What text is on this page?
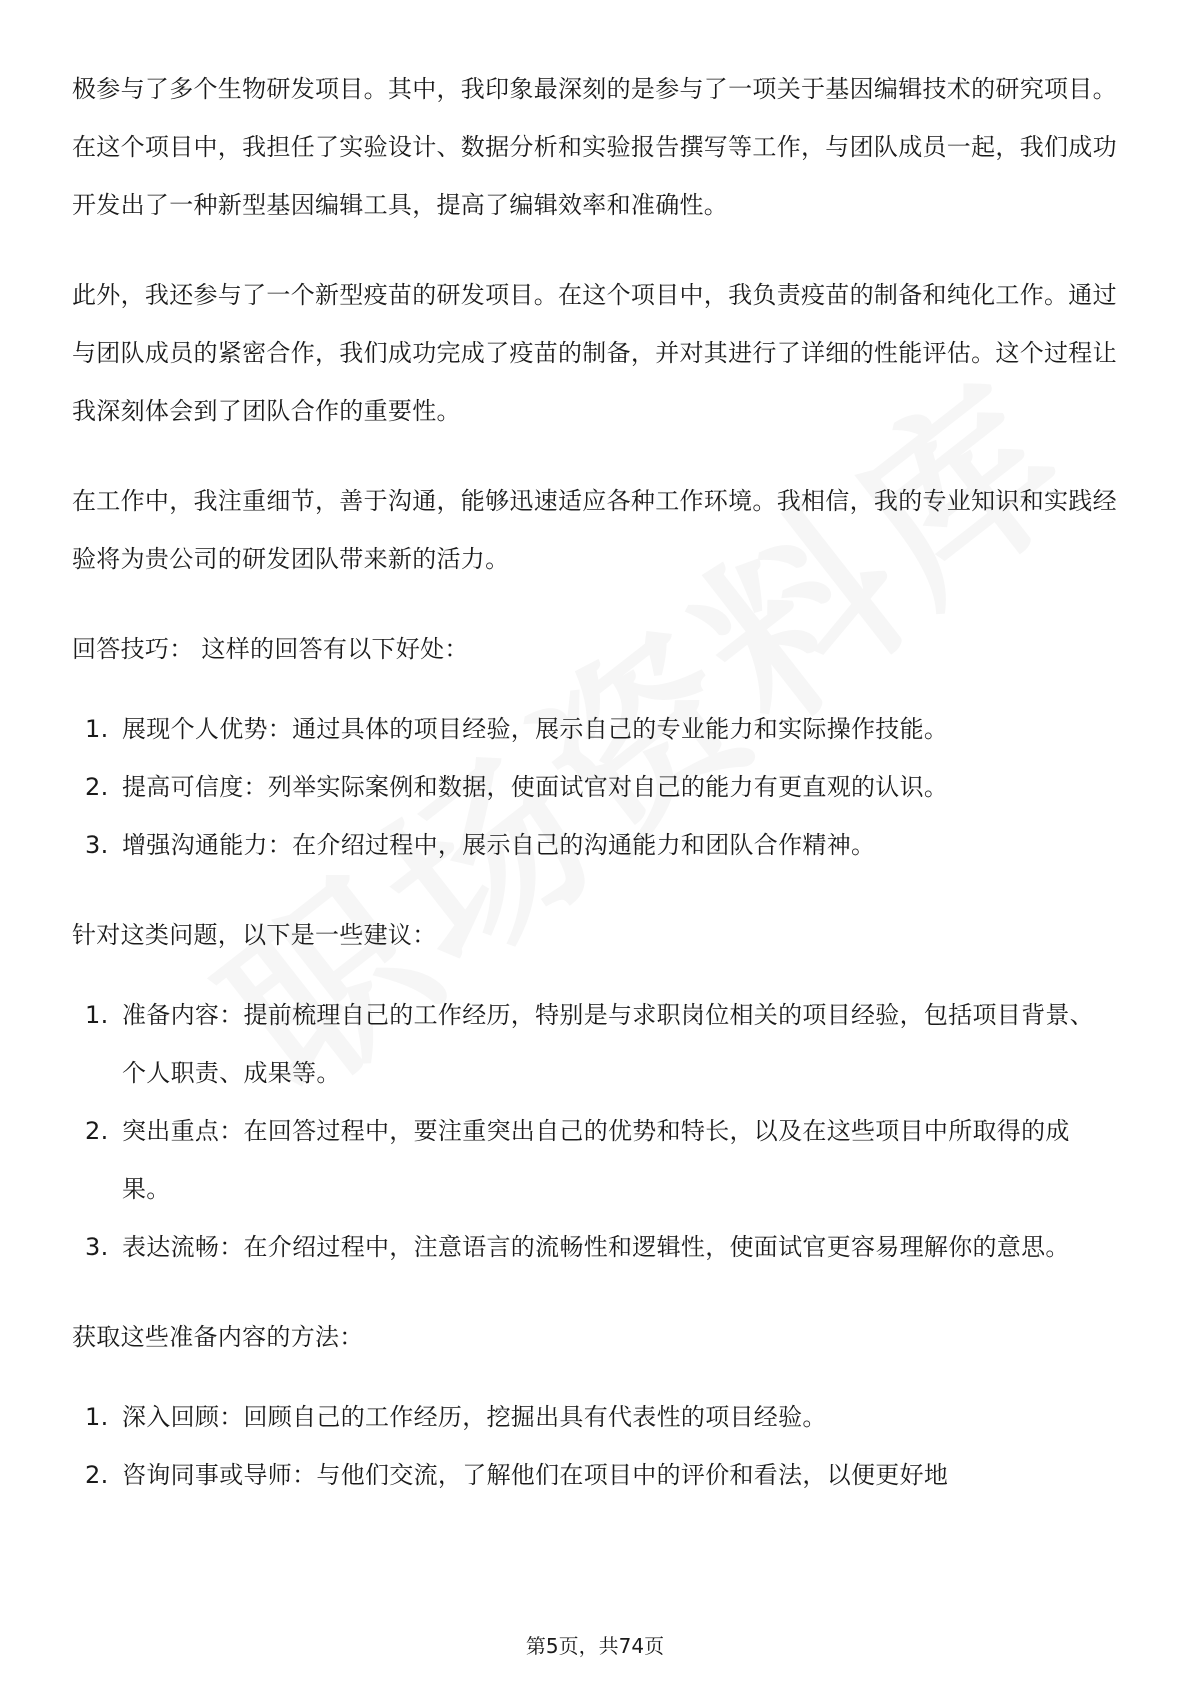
极参与了多个生物研发项目。其中，我印象最深刻的是参与了一项关于基因编辑技术的研究项目。在这个项目中，我担任了实验设计、数据分析和实验报告撰写等工作，与团队成员一起，我们成功开发出了一种新型基因编辑工具，提高了编辑效率和准确性。

此外，我还参与了一个新型疫苗的研发项目。在这个项目中，我负责疫苗的制备和纯化工作。通过与团队成员的紧密合作，我们成功完成了疫苗的制备，并对其进行了详细的性能评估。这个过程让我深刻体会到了团队合作的重要性。

在工作中，我注重细节，善于沟通，能够迅速适应各种工作环境。我相信，我的专业知识和实践经验将为贵公司的研发团队带来新的活力。

回答技巧： 这样的回答有以下好处：

1. 展现个人优势：通过具体的项目经验，展示自己的专业能力和实际操作技能。
2. 提高可信度：列举实际案例和数据，使面试官对自己的能力有更直观的认识。
3. 增强沟通能力：在介绍过程中，展示自己的沟通能力和团队合作精神。

针对这类问题，以下是一些建议：

1. 准备内容：提前梳理自己的工作经历，特别是与求职岗位相关的项目经验，包括项目背景、个人职责、成果等。
2. 突出重点：在回答过程中，要注重突出自己的优势和特长，以及在这些项目中所取得的成果。
3. 表达流畅：在介绍过程中，注意语言的流畅性和逻辑性，使面试官更容易理解你的意思。

获取这些准备内容的方法：

1. 深入回顾：回顾自己的工作经历，挖掘出具有代表性的项目经验。
2. 咨询同事或导师：与他们交流，了解他们在项目中的评价和看法，以便更好地
第5页，共74页
